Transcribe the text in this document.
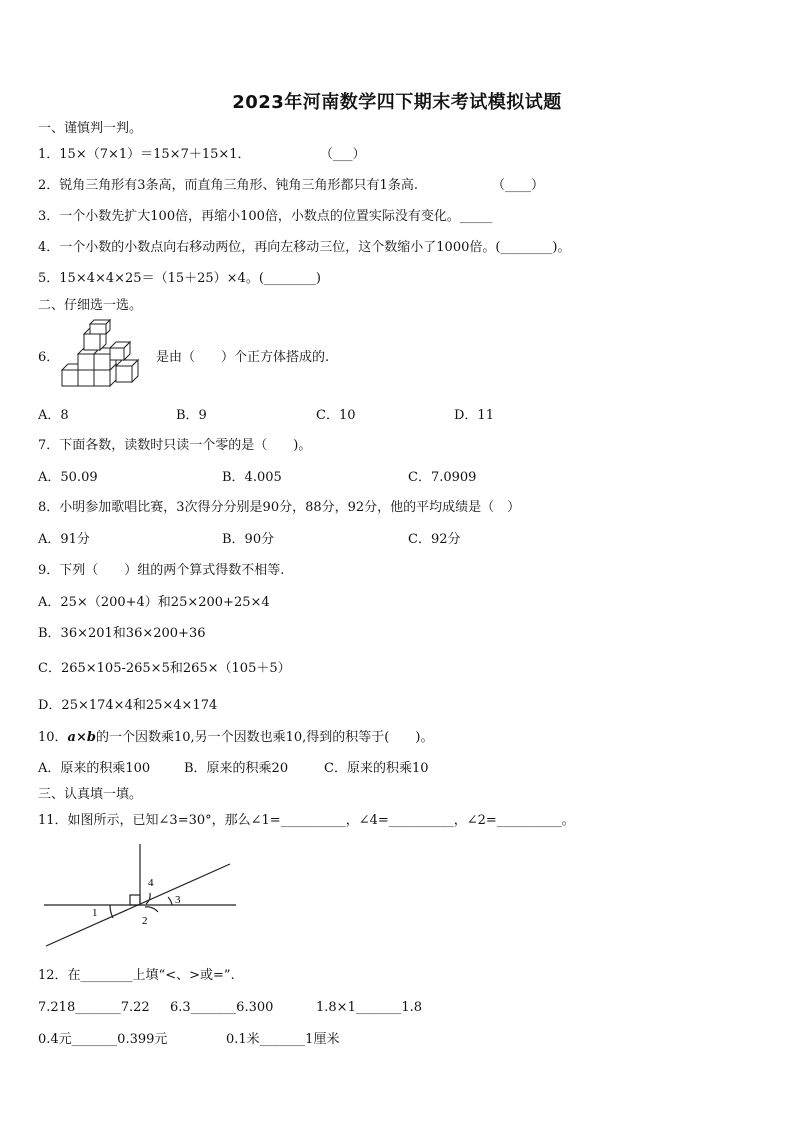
2023年河南数学四下期末考试模拟试题
一、谨慎判一判。
1．15×（7×1）＝15×7＋15×1．	（___）
2．锐角三角形有3条高，而直角三角形、钝角三角形都只有1条高.	（____）
3．一个小数先扩大100倍，再缩小100倍，小数点的位置实际没有变化。_____
4．一个小数的小数点向右移动两位，再向左移动三位，这个数缩小了1000倍。(________)。
5．15×4×4×25＝（15＋25）×4。(________)
二、仔细选一选。
6．	是由（　　）个正方体搭成的.
A．8	B．9	C．10	D．11
7．下面各数，读数时只读一个零的是（　　)。
A．50.09	B．4.005	C．7.0909
8．小明参加歌唱比赛，3次得分分别是90分，88分，92分，他的平均成绩是（　）
A．91分	B．90分	C．92分
9．下列（　　）组的两个算式得数不相等.
A．25×（200+4）和25×200+25×4
B．36×201和36×200+36
C．265×105-265×5和265×（105＋5）
D．25×174×4和25×4×174
10．a×b的一个因数乘10,另一个因数也乘10,得到的积等于(　　)。
A．原来的积乘100	B．原来的积乘20	C．原来的积乘10
三、认真填一填。
11．如图所示，已知∠3=30°，那么∠1=__________，∠4=__________，∠2=__________。
1
2
3
4
12．在________上填“<、>或=”.
7.218_______7.22 6.3_______6.300	1.8×1_______1.8
0.4元_______0.399元	0.1米_______1厘米
